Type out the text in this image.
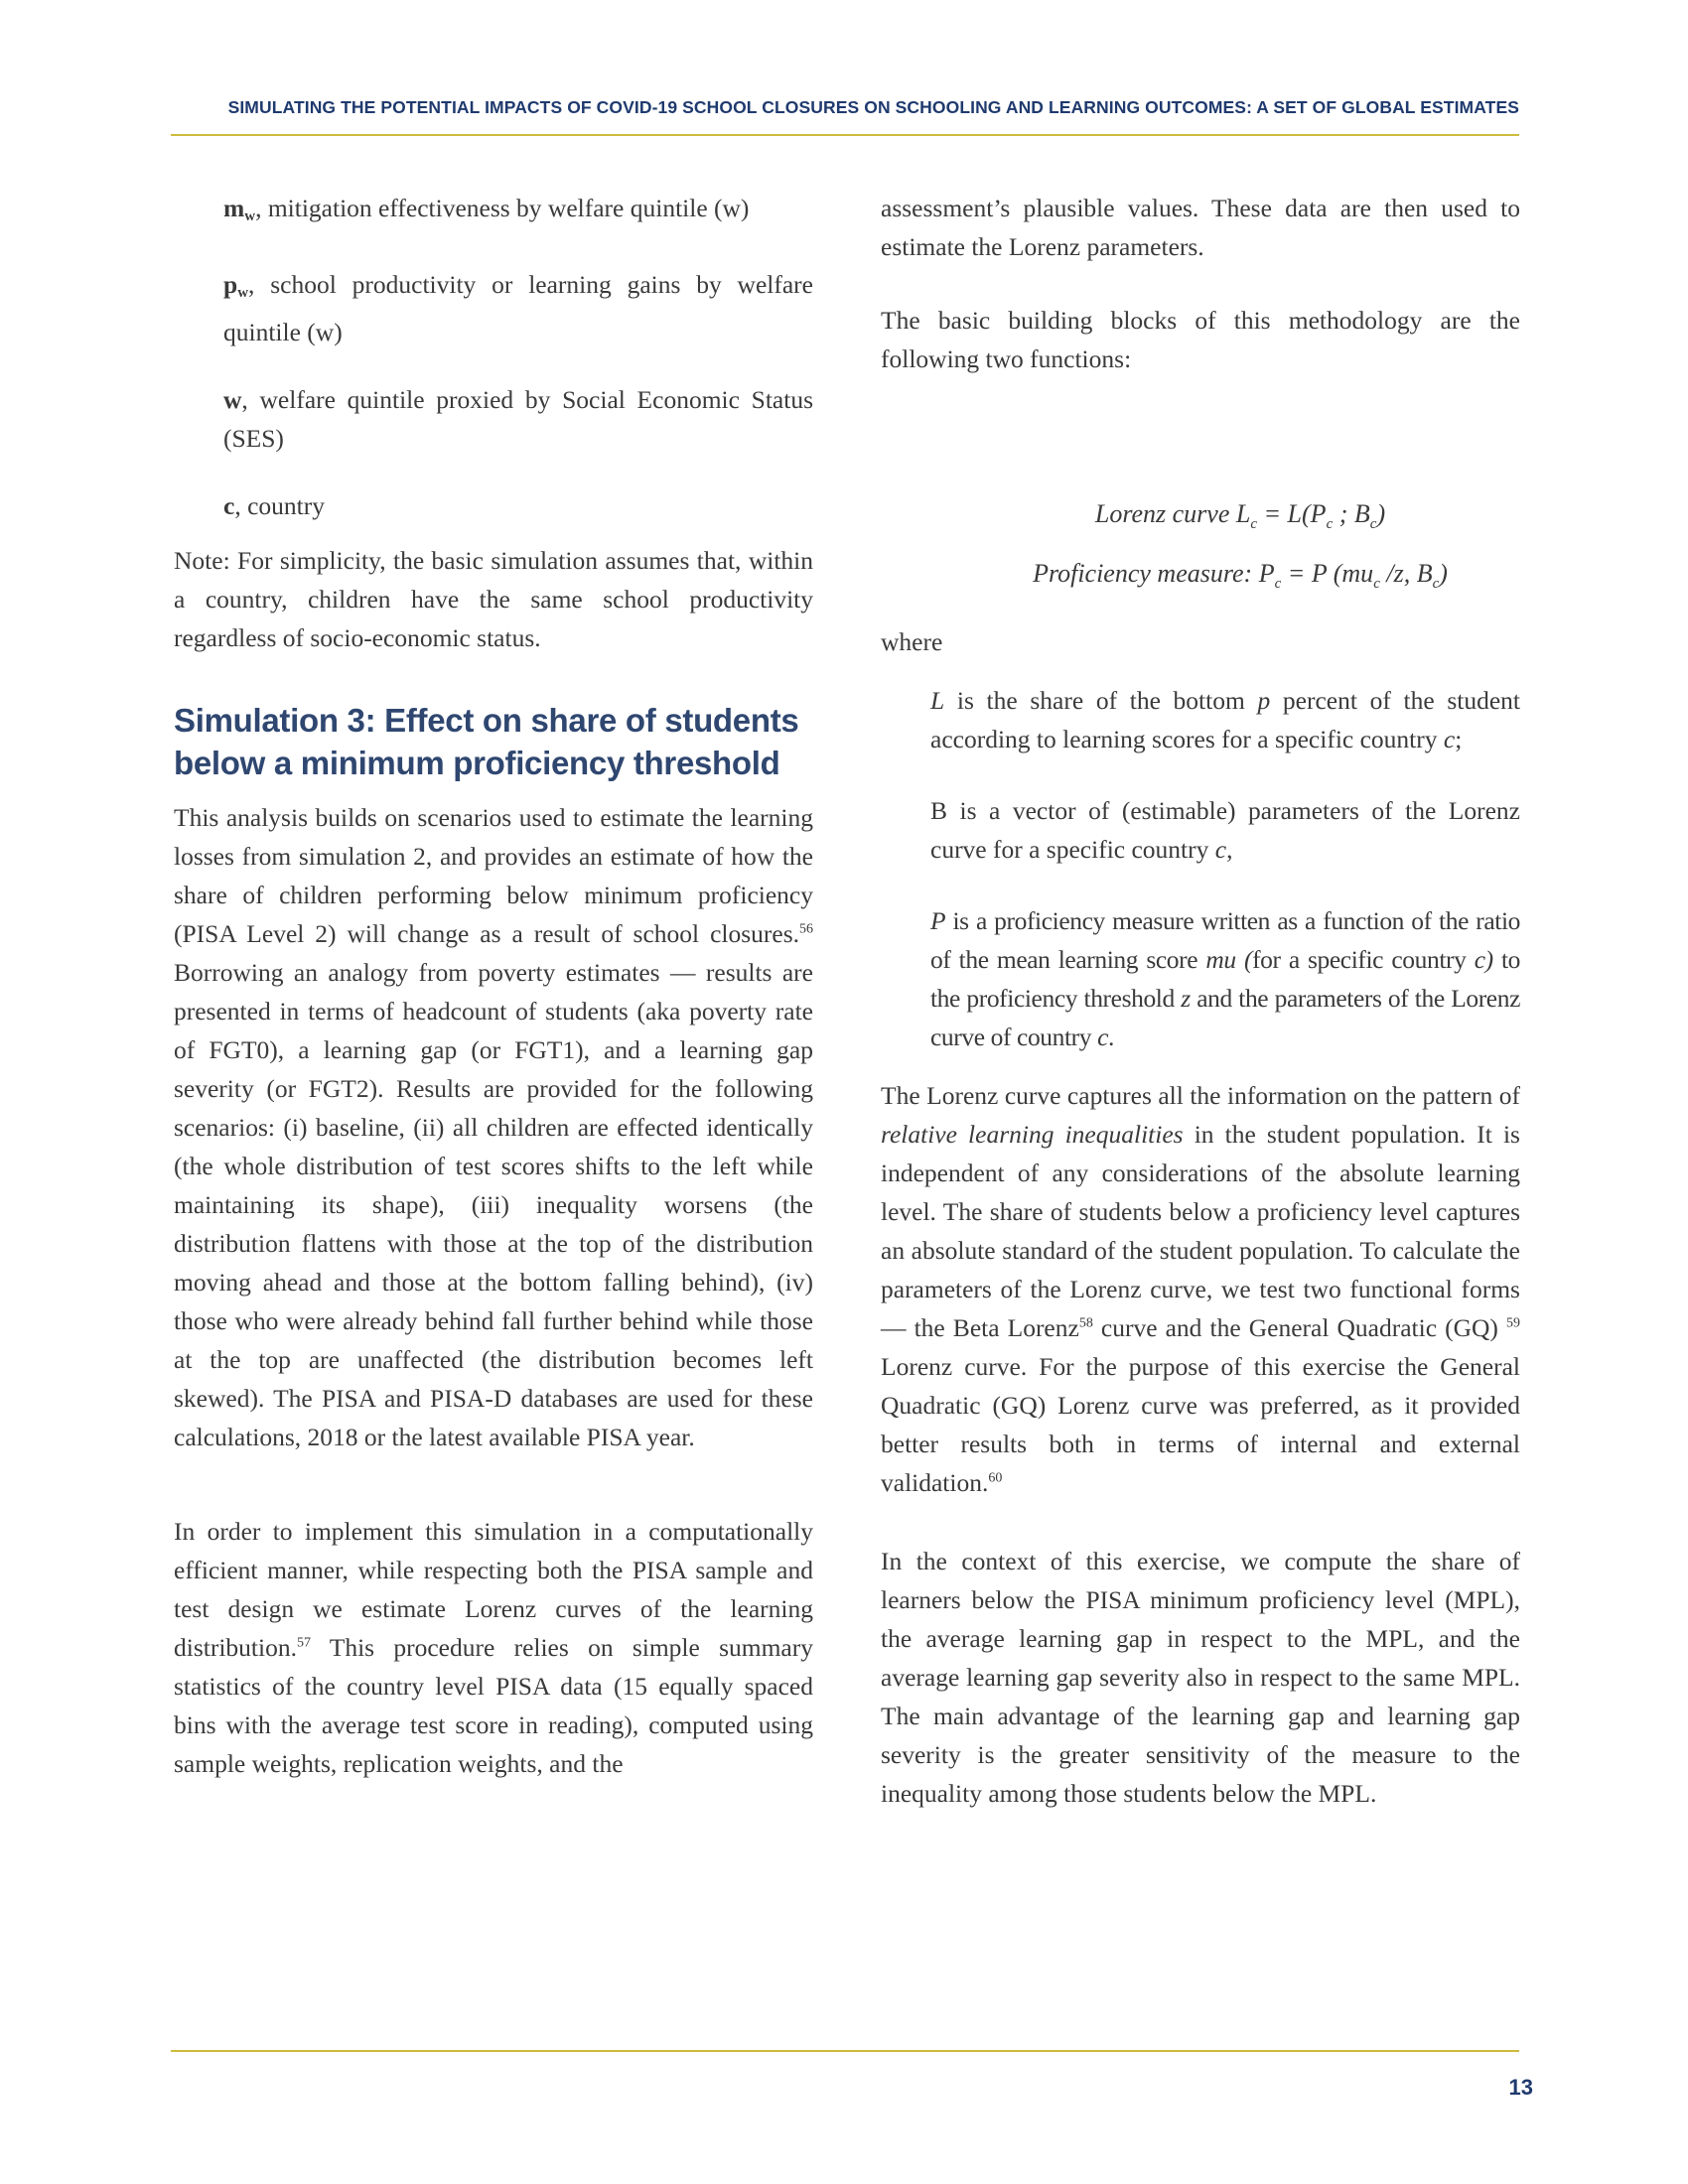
SIMULATING THE POTENTIAL IMPACTS OF COVID-19 SCHOOL CLOSURES ON SCHOOLING AND LEARNING OUTCOMES: A SET OF GLOBAL ESTIMATES

$m_w$, mitigation effectiveness by welfare quintile (w)

$p_w$, school productivity or learning gains by welfare quintile (w)

w, welfare quintile proxied by Social Economic Status (SES)

c, country

Note: For simplicity, the basic simulation assumes that, within a country, children have the same school productivity regardless of socio-economic status.

Simulation 3: Effect on share of students below a minimum proficiency threshold

This analysis builds on scenarios used to estimate the learning losses from simulation 2, and provides an estimate of how the share of children performing below minimum proficiency (PISA Level 2) will change as a result of school closures.$^{56}$ Borrowing an analogy from poverty estimates — results are presented in terms of headcount of students (aka poverty rate of FGT0), a learning gap (or FGT1), and a learning gap severity (or FGT2). Results are provided for the following scenarios: (i) baseline, (ii) all children are effected identically (the whole distribution of test scores shifts to the left while maintaining its shape), (iii) inequality worsens (the distribution flattens with those at the top of the distribution moving ahead and those at the bottom falling behind), (iv) those who were already behind fall further behind while those at the top are unaffected (the distribution becomes left skewed). The PISA and PISA-D databases are used for these calculations, 2018 or the latest available PISA year.

In order to implement this simulation in a computationally efficient manner, while respecting both the PISA sample and test design we estimate Lorenz curves of the learning distribution.$^{57}$ This procedure relies on simple summary statistics of the country level PISA data (15 equally spaced bins with the average test score in reading), computed using sample weights, replication weights, and the

assessment’s plausible values. These data are then used to estimate the Lorenz parameters.

The basic building blocks of this methodology are the following two functions:

Lorenz curve $L_c = L(P_c$ ; $B_c$)
Proficiency measure: $P_c = P$ ($mu_c$ /z, $B_c$)

where

L is the share of the bottom p percent of the student according to learning scores for a specific country c;

B is a vector of (estimable) parameters of the Lorenz curve for a specific country c,

P is a proficiency measure written as a function of the ratio of the mean learning score mu (for a specific country c) to the proficiency threshold z and the parameters of the Lorenz curve of country c.

The Lorenz curve captures all the information on the pattern of relative learning inequalities in the student population. It is independent of any considerations of the absolute learning level. The share of students below a proficiency level captures an absolute standard of the student population. To calculate the parameters of the Lorenz curve, we test two functional forms — the Beta Lorenz$^{58}$ curve and the General Quadratic (GQ) $^{59}$ Lorenz curve. For the purpose of this exercise the General Quadratic (GQ) Lorenz curve was preferred, as it provided better results both in terms of internal and external validation.$^{60}$

In the context of this exercise, we compute the share of learners below the PISA minimum proficiency level (MPL), the average learning gap in respect to the MPL, and the average learning gap severity also in respect to the same MPL. The main advantage of the learning gap and learning gap severity is the greater sensitivity of the measure to the inequality among those students below the MPL.

13
